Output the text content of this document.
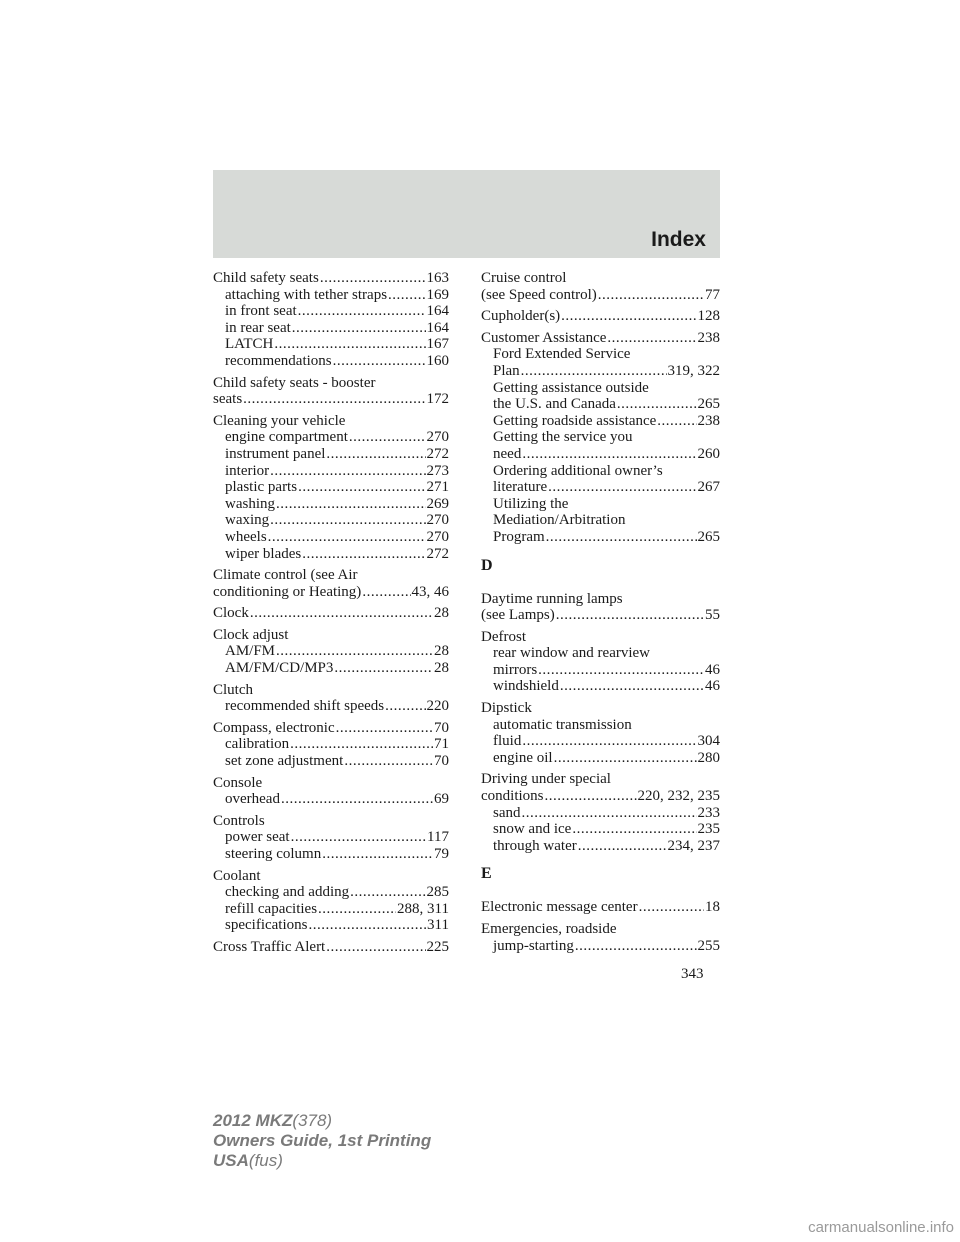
Index
Child safety seats .....	163
attaching with tether straps .....	169
in front seat .....	164
in rear seat .....	164
LATCH .....	167
recommendations .....	160
Child safety seats - booster
seats .....	172
Cleaning your vehicle
engine compartment .....	270
instrument panel .....	272
interior .....	273
plastic parts .....	271
washing .....	269
waxing .....	270
wheels .....	270
wiper blades .....	272
Climate control (see Air
conditioning or Heating) .....	43, 46
Clock .....	28
Clock adjust
AM/FM .....	28
AM/FM/CD/MP3 .....	28
Clutch
recommended shift speeds .....	220
Compass, electronic .....	70
calibration .....	71
set zone adjustment .....	70
Console
overhead .....	69
Controls
power seat .....	117
steering column .....	79
Coolant
checking and adding .....	285
refill capacities .....	288, 311
specifications .....	311
Cross Traffic Alert .....	225
Cruise control
(see Speed control) .....	77
Cupholder(s) .....	128
Customer Assistance .....	238
Ford Extended Service
Plan .....	319, 322
Getting assistance outside
the U.S. and Canada .....	265
Getting roadside assistance .....	238
Getting the service you
need .....	260
Ordering additional owner’s
literature .....	267
Utilizing the
Mediation/Arbitration
Program .....	265
D
Daytime running lamps
(see Lamps) .....	55
Defrost
rear window and rearview
mirrors .....	46
windshield .....	46
Dipstick
automatic transmission
fluid .....	304
engine oil .....	280
Driving under special
conditions .....	220, 232, 235
sand .....	233
snow and ice .....	235
through water .....	234, 237
E
Electronic message center .....	18
Emergencies, roadside
jump-starting .....	255
343
2012 MKZ(378)
Owners Guide, 1st Printing
USA(fus)
carmanualsonline.info
